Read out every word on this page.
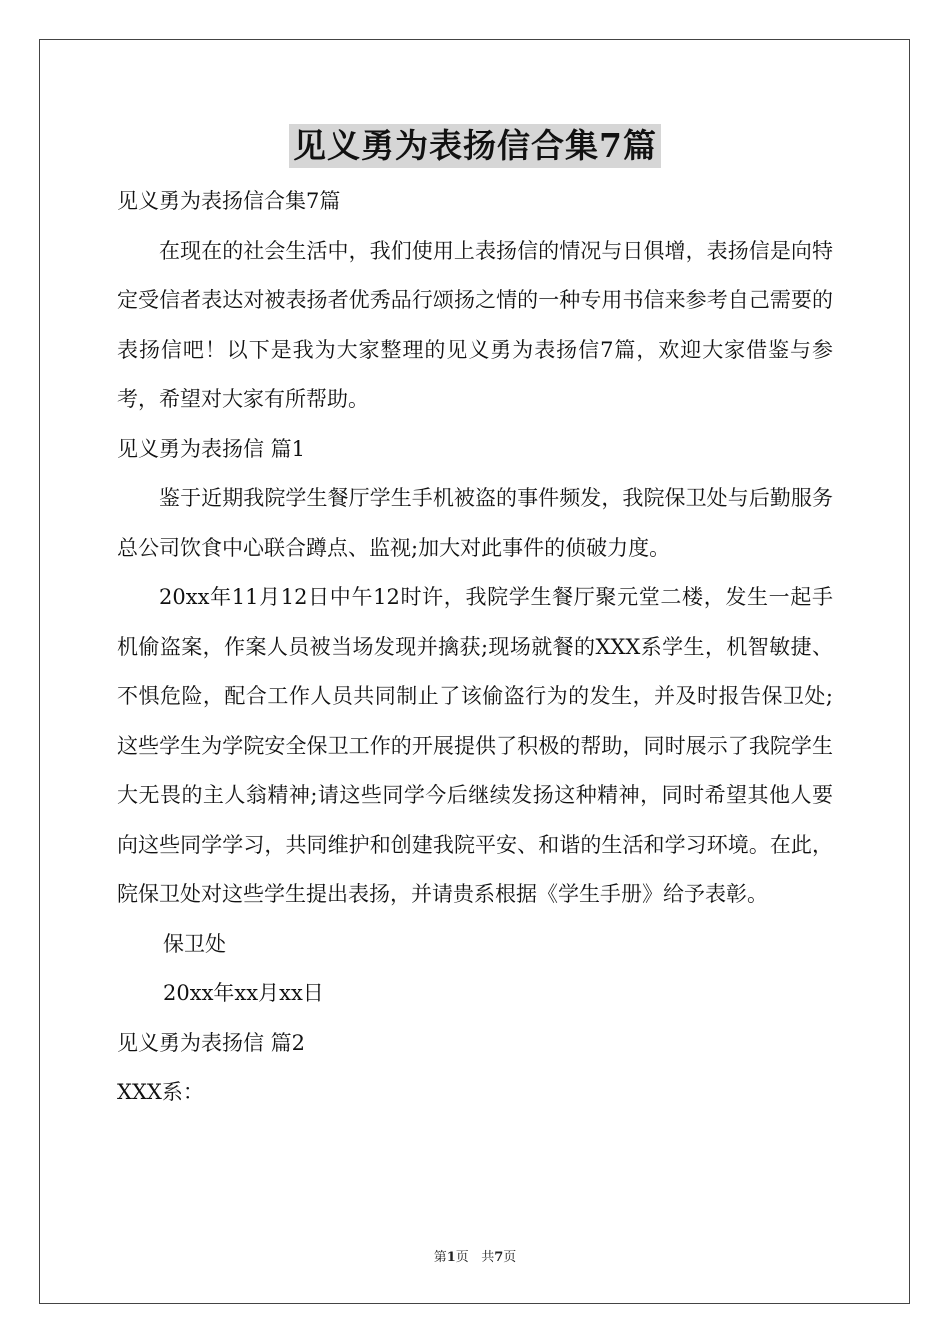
见义勇为表扬信合集7篇
见义勇为表扬信合集7篇

在现在的社会生活中，我们使用上表扬信的情况与日俱增，表扬信是向特定受信者表达对被表扬者优秀品行颂扬之情的一种专用书信来参考自己需要的表扬信吧！以下是我为大家整理的见义勇为表扬信7篇，欢迎大家借鉴与参考，希望对大家有所帮助。

见义勇为表扬信 篇1

鉴于近期我院学生餐厅学生手机被盗的事件频发，我院保卫处与后勤服务总公司饮食中心联合蹲点、监视;加大对此事件的侦破力度。

20xx年11月12日中午12时许，我院学生餐厅聚元堂二楼，发生一起手机偷盗案，作案人员被当场发现并擒获;现场就餐的XXX系学生，机智敏捷、不惧危险，配合工作人员共同制止了该偷盗行为的发生，并及时报告保卫处;这些学生为学院安全保卫工作的开展提供了积极的帮助，同时展示了我院学生大无畏的主人翁精神;请这些同学今后继续发扬这种精神，同时希望其他人要向这些同学学习，共同维护和创建我院平安、和谐的生活和学习环境。在此，院保卫处对这些学生提出表扬，并请贵系根据《学生手册》给予表彰。

保卫处
20xx年xx月xx日
见义勇为表扬信 篇2
XXX系：
第1页   共7页
